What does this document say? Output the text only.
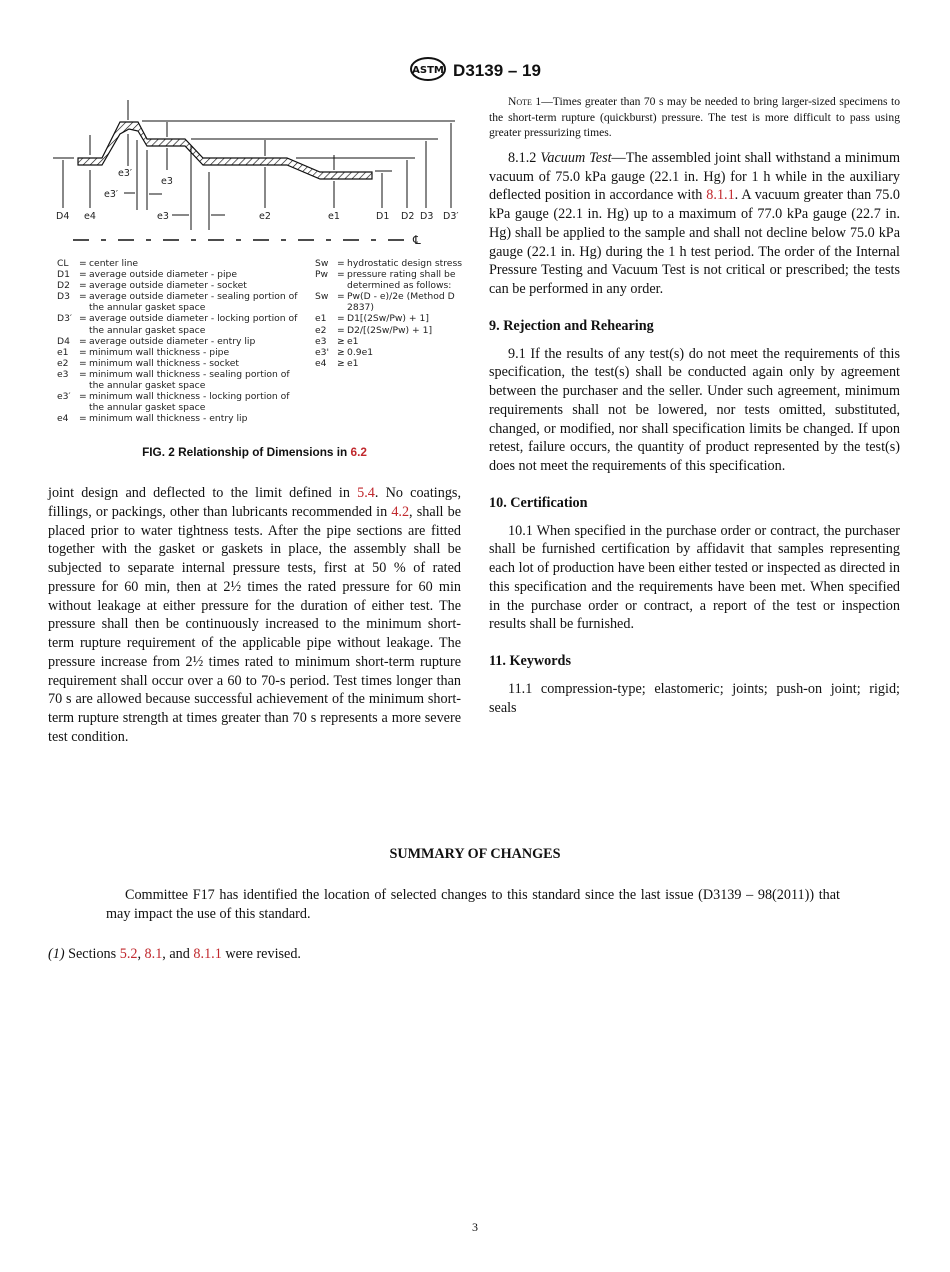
ASTM D3139 – 19
D4 e4
e3′
e3′
e3
e3	e2	e1	D1 D2 D3 D3′
℄
CL	= center line
D1 = average outside diameter - pipe
D2 = average outside diameter - socket
D3 = average outside diameter - sealing portion of the annular gasket space
D3′ = average outside diameter - locking portion of the annular gasket space
D4 = average outside diameter - entry lip
e1	= minimum wall thickness - pipe
e2	= minimum wall thickness - socket
e3	= minimum wall thickness - sealing portion of the annular gasket space
e3′ = minimum wall thickness - locking portion of the annular gasket space
e4	= minimum wall thickness - entry lip
Sw = hydrostatic design stress
Pw = pressure rating shall be determined as follows:
Sw = Pw(D - e)/2e (Method D 2837)
e1	= D1[(2Sw/Pw) + 1]
e2	= D2/[(2Sw/Pw) + 1]
e3	≥ e1
e3' ≥ 0.9e1
e4	≥ e1
FIG. 2 Relationship of Dimensions in 6.2

joint design and deflected to the limit defined in 5.4. No coatings, fillings, or packings, other than lubricants recommended in 4.2, shall be placed prior to water tightness tests. After the pipe sections are fitted together with the gasket or gaskets in place, the assembly shall be subjected to separate internal pressure tests, first at 50 % of rated pressure for 60 min, then at 2½ times the rated pressure for 60 min without leakage at either pressure for the duration of either test. The pressure shall then be continuously increased to the minimum short-term rupture requirement of the applicable pipe without leakage. The pressure increase from 2½ times rated to minimum short-term rupture requirement shall occur over a 60 to 70-s period. Test times longer than 70 s are allowed because successful achievement of the minimum short-term rupture strength at times greater than 70 s represents a more severe test condition.

Note 1—Times greater than 70 s may be needed to bring larger-sized specimens to the short-term rupture (quickburst) pressure. The test is more difficult to pass using greater pressurizing times.

8.1.2 Vacuum Test—The assembled joint shall withstand a minimum vacuum of 75.0 kPa gauge (22.1 in. Hg) for 1 h while in the auxiliary deflected position in accordance with 8.1.1. A vacuum greater than 75.0 kPa gauge (22.1 in. Hg) up to a maximum of 77.0 kPa gauge (22.7 in. Hg) shall be applied to the sample and shall not decline below 75.0 kPa gauge (22.1 in. Hg) during the 1 h test period. The order of the Internal Pressure Testing and Vacuum Test is not critical or prescribed; the tests can be performed in any order.

9. Rejection and Rehearing

9.1 If the results of any test(s) do not meet the requirements of this specification, the test(s) shall be conducted again only by agreement between the purchaser and the seller. Under such agreement, minimum requirements shall not be lowered, nor tests omitted, substituted, changed, or modified, nor shall specification limits be changed. If upon retest, failure occurs, the quantity of product represented by the test(s) does not meet the requirements of this specification.

10. Certification

10.1 When specified in the purchase order or contract, the purchaser shall be furnished certification by affidavit that samples representing each lot of production have been either tested or inspected as directed in this specification and the requirements have been met. When specified in the purchase order or contract, a report of the test or inspection results shall be furnished.

11. Keywords

11.1 compression-type; elastomeric; joints; push-on joint; rigid; seals

SUMMARY OF CHANGES
Committee F17 has identified the location of selected changes to this standard since the last issue (D3139 – 98(2011)) that may impact the use of this standard.
(1) Sections 5.2, 8.1, and 8.1.1 were revised.
3
